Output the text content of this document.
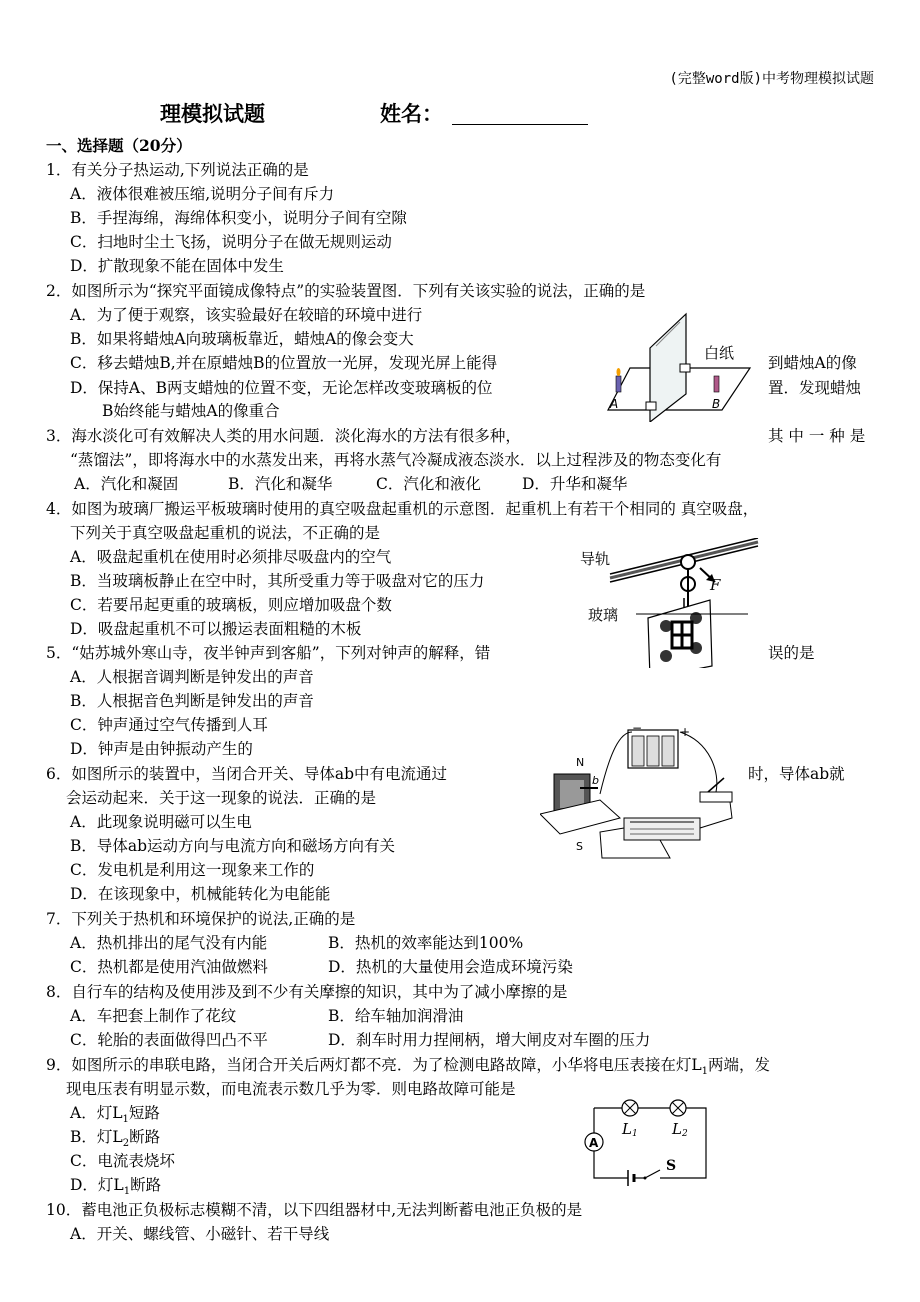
(完整word版)中考物理模拟试题
理模拟试题	姓名：
一、选择题（20分）
1．有关分子热运动,下列说法正确的是
A．液体很难被压缩,说明分子间有斥力
B．手捏海绵，海绵体积变小，说明分子间有空隙
C．扫地时尘土飞扬，说明分子在做无规则运动
D．扩散现象不能在固体中发生
2．如图所示为“探究平面镜成像特点”的实验装置图．下列有关该实验的说法，正确的是
A．为了便于观察，该实验最好在较暗的环境中进行
B．如果将蜡烛A向玻璃板靠近，蜡烛A的像会变大
C．移去蜡烛B,并在原蜡烛B的位置放一光屏，发现光屏上能得	到蜡烛A的像
D．保持A、B两支蜡烛的位置不变，无论怎样改变玻璃板的位	置．发现蜡烛
B始终能与蜡烛A的像重合
白纸
A	B
3．海水淡化可有效解决人类的用水问题．淡化海水的方法有很多种，	其 中 一 种 是
“蒸馏法”，即将海水中的水蒸发出来，再将水蒸气冷凝成液态淡水．以上过程涉及的物态变化有
A．汽化和凝固	B．汽化和凝华	C．汽化和液化	D．升华和凝华
4．如图为玻璃厂搬运平板玻璃时使用的真空吸盘起重机的示意图．起重机上有若干个相同的 真空吸盘，
下列关于真空吸盘起重机的说法，不正确的是
A．吸盘起重机在使用时必须排尽吸盘内的空气
B．当玻璃板静止在空中时，其所受重力等于吸盘对它的压力
C．若要吊起更重的玻璃板，则应增加吸盘个数
D．吸盘起重机不可以搬运表面粗糙的木板
导轨
玻璃
F
5．“姑苏城外寒山寺，夜半钟声到客船”，下列对钟声的解释，错	误的是
A．人根据音调判断是钟发出的声音
B．人根据音色判断是钟发出的声音
C．钟声通过空气传播到人耳
D．钟声是由钟振动产生的
6．如图所示的装置中，当闭合开关、导体ab中有电流通过	时，导体ab就
会运动起来．关于这一现象的说法．正确的是
A．此现象说明磁可以生电
B．导体ab运动方向与电流方向和磁场方向有关
C．发电机是利用这一现象来工作的
D．在该现象中，机械能转化为电能能
−	+
N
S
b
7．下列关于热机和环境保护的说法,正确的是
A．热机排出的尾气没有内能	B．热机的效率能达到100%
C．热机都是使用汽油做燃料	D．热机的大量使用会造成环境污染
8．自行车的结构及使用涉及到不少有关摩擦的知识，其中为了减小摩擦的是
A．车把套上制作了花纹	B．给车轴加润滑油
C．轮胎的表面做得凹凸不平	D．刹车时用力捏闸柄，增大闸皮对车圈的压力
9．如图所示的串联电路，当闭合开关后两灯都不亮．为了检测电路故障，小华将电压表接在灯$L_1$两端，发
现电压表有明显示数，而电流表示数几乎为零．则电路故障可能是
A．灯$L_1$短路
B．灯$L_2$断路
C．电流表烧坏
D．灯$L_1$断路
A
L1 L2
S
10．蓄电池正负极标志模糊不清，以下四组器材中,无法判断蓄电池正负极的是
A．开关、螺线管、小磁针、若干导线
